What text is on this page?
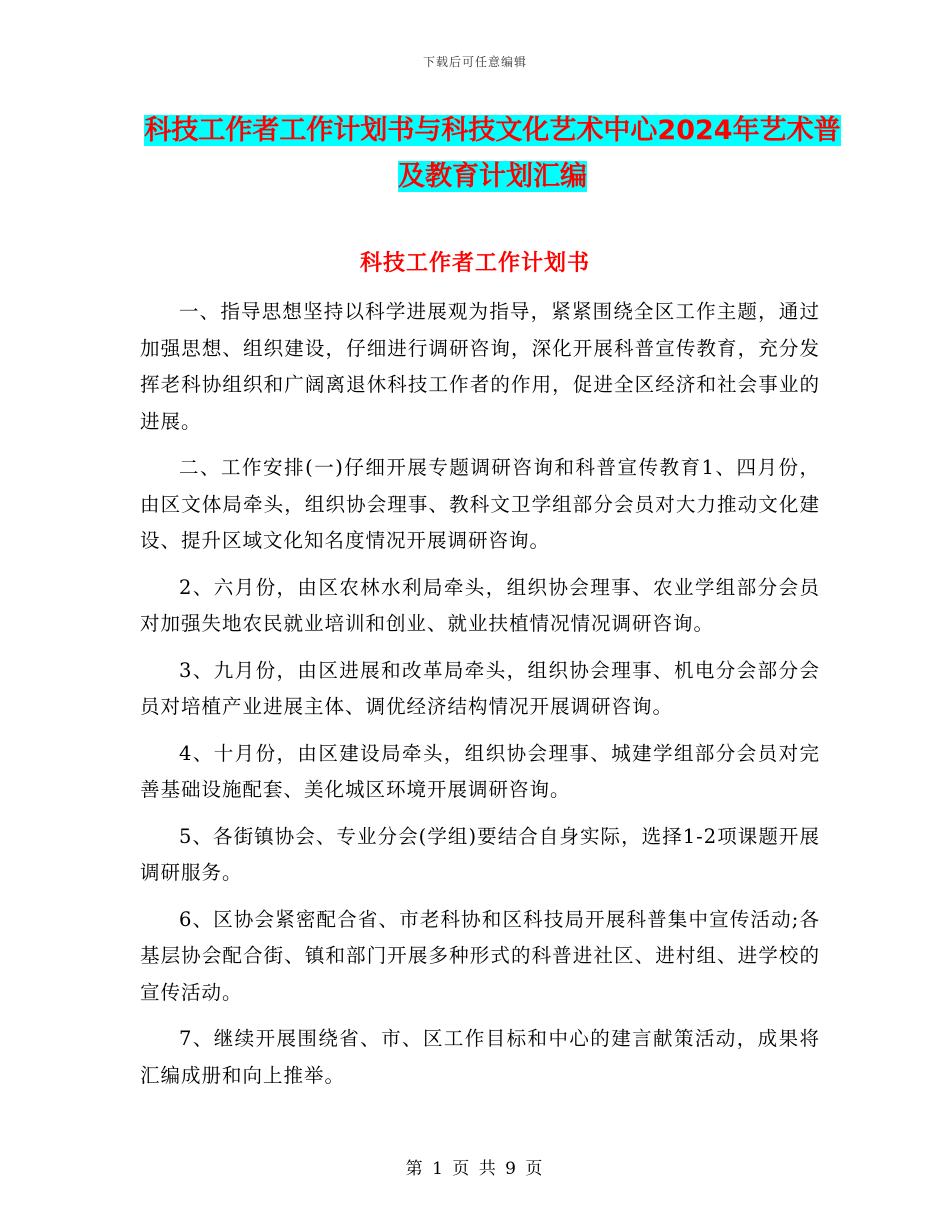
下载后可任意编辑
科技工作者工作计划书与科技文化艺术中心2024年艺术普及教育计划汇编
科技工作者工作计划书

一、指导思想坚持以科学进展观为指导，紧紧围绕全区工作主题，通过加强思想、组织建设，仔细进行调研咨询，深化开展科普宣传教育，充分发挥老科协组织和广阔离退休科技工作者的作用，促进全区经济和社会事业的进展。

二、工作安排(一)仔细开展专题调研咨询和科普宣传教育1、四月份，由区文体局牵头，组织协会理事、教科文卫学组部分会员对大力推动文化建设、提升区域文化知名度情况开展调研咨询。

2、六月份，由区农林水利局牵头，组织协会理事、农业学组部分会员对加强失地农民就业培训和创业、就业扶植情况情况调研咨询。

3、九月份，由区进展和改革局牵头，组织协会理事、机电分会部分会员对培植产业进展主体、调优经济结构情况开展调研咨询。

4、十月份，由区建设局牵头，组织协会理事、城建学组部分会员对完善基础设施配套、美化城区环境开展调研咨询。

5、各街镇协会、专业分会(学组)要结合自身实际，选择1-2项课题开展调研服务。

6、区协会紧密配合省、市老科协和区科技局开展科普集中宣传活动;各基层协会配合街、镇和部门开展多种形式的科普进社区、进村组、进学校的宣传活动。

7、继续开展围绕省、市、区工作目标和中心的建言献策活动，成果将汇编成册和向上推举。

第 1 页 共 9 页
